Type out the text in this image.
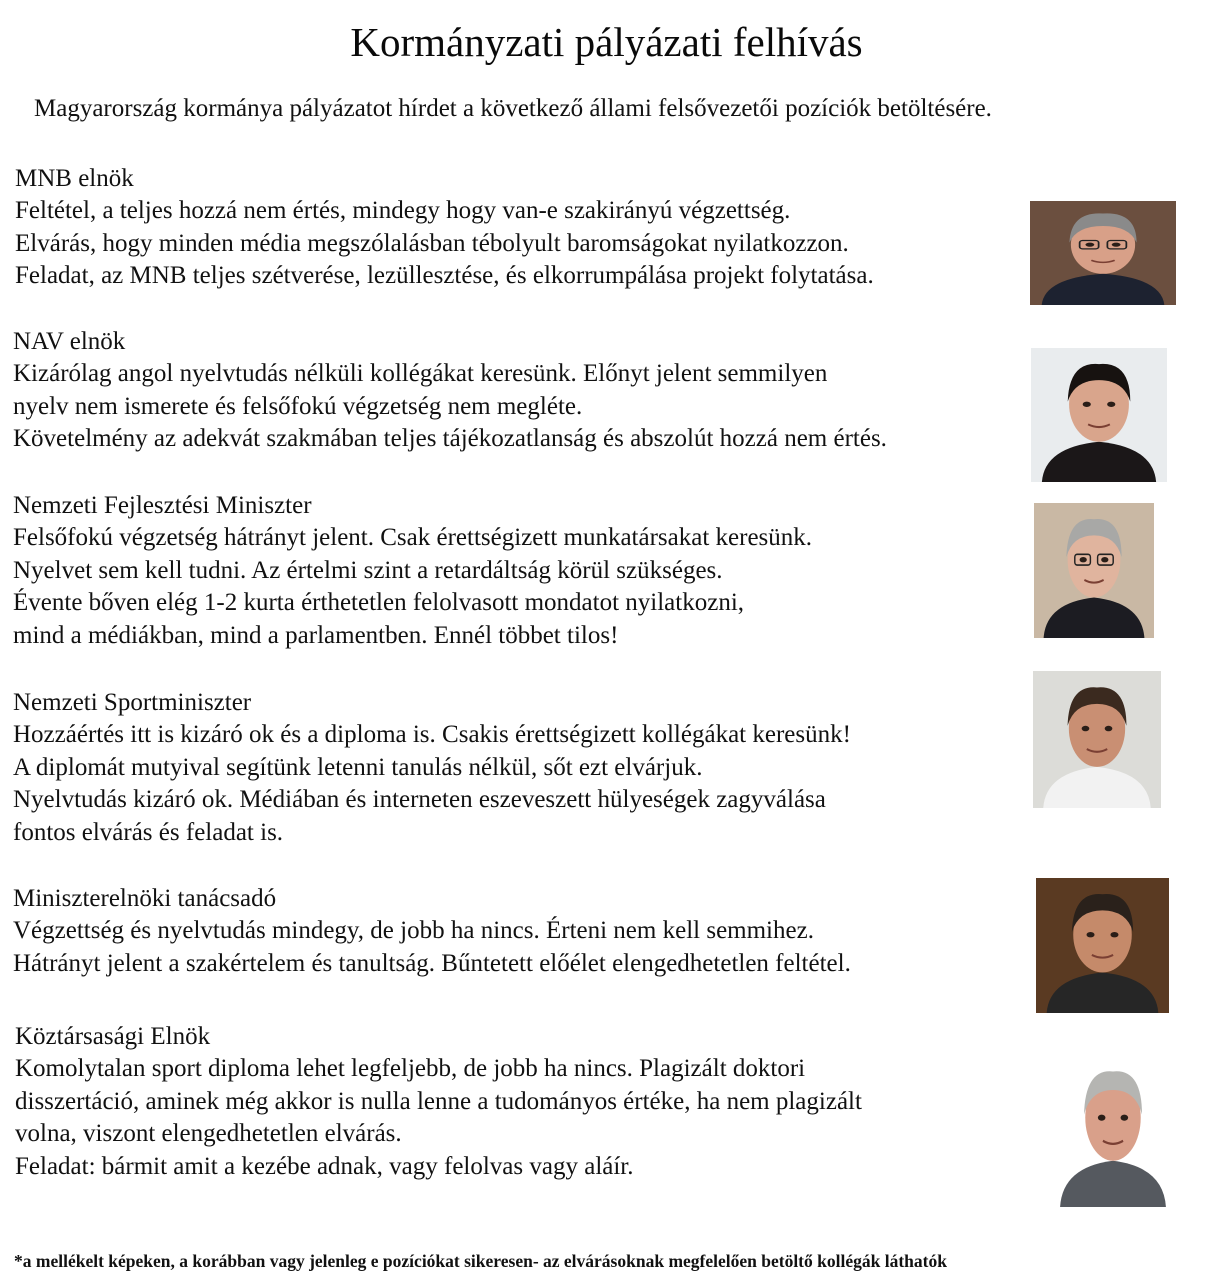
Kormányzati pályázati felhívás
Magyarország kormánya pályázatot hírdet a következő állami felsővezetői pozíciók betöltésére.
MNB elnök
Feltétel, a teljes hozzá nem értés, mindegy hogy van-e szakirányú végzettség.
Elvárás, hogy minden média megszólalásban tébolyult baromságokat nyilatkozzon.
Feladat, az MNB teljes szétverése, lezüllesztése, és elkorrumpálása projekt folytatása.
NAV elnök
Kizárólag angol nyelvtudás nélküli kollégákat keresünk. Előnyt jelent semmilyen
nyelv nem ismerete és felsőfokú végzetség nem megléte.
Követelmény az adekvát szakmában teljes tájékozatlanság és abszolút hozzá nem értés.
Nemzeti Fejlesztési Miniszter
Felsőfokú végzetség hátrányt jelent. Csak érettségizett munkatársakat keresünk.
Nyelvet sem kell tudni. Az értelmi szint a retardáltság körül szükséges.
Évente bőven elég 1-2 kurta érthetetlen felolvasott mondatot nyilatkozni,
mind a médiákban, mind a parlamentben. Ennél többet tilos!
Nemzeti Sportminiszter
Hozzáértés itt is kizáró ok és a diploma is. Csakis érettségizett kollégákat keresünk!
A diplomát mutyival segítünk letenni tanulás nélkül, sőt ezt elvárjuk.
Nyelvtudás kizáró ok. Médiában és interneten eszeveszett hülyeségek zagyválása
fontos elvárás és feladat is.
Miniszterelnöki tanácsadó
Végzettség és nyelvtudás mindegy, de jobb ha nincs. Érteni nem kell semmihez.
Hátrányt jelent a szakértelem és tanultság. Bűntetett előélet elengedhetetlen feltétel.
Köztársasági Elnök
Komolytalan sport diploma lehet legfeljebb, de jobb ha nincs. Plagizált doktori
disszertáció, aminek még akkor is nulla lenne a tudományos értéke, ha nem plagizált
volna, viszont elengedhetetlen elvárás.
Feladat: bármit amit a kezébe adnak, vagy felolvas vagy aláír.
*a mellékelt képeken, a korábban vagy jelenleg e pozíciókat sikeresen- az elvárásoknak megfelelően betöltő kollégák láthatók
